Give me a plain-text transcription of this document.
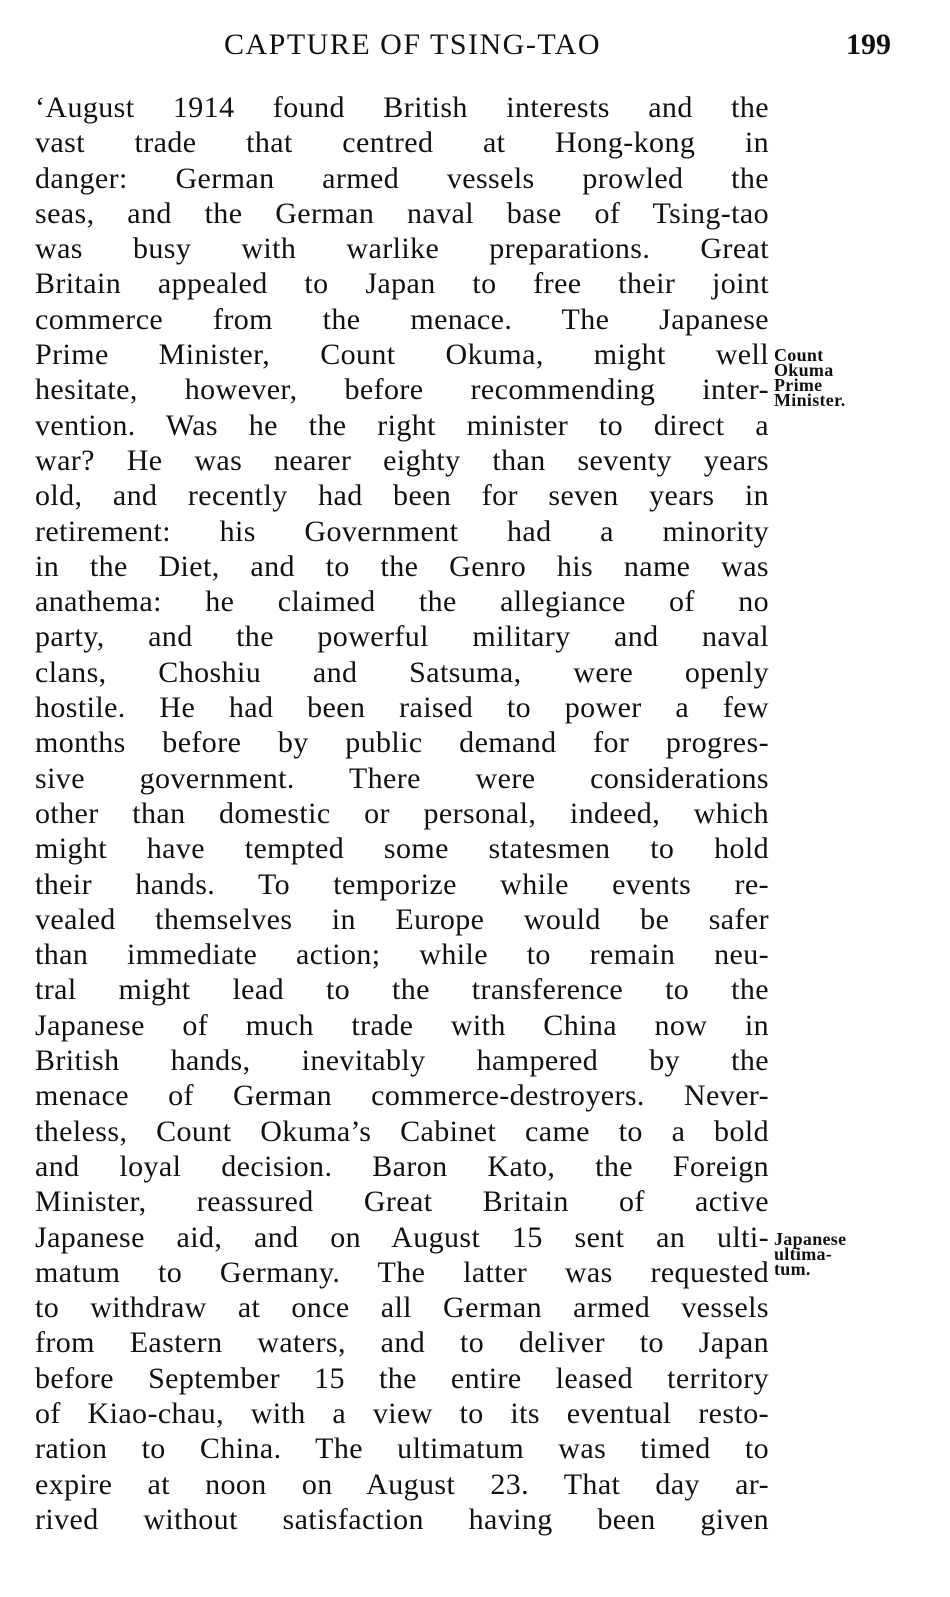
CAPTURE OF TSING-TAO	199
‘August 1914 found British interests and the
vast trade that centred at Hong-kong in
danger: German armed vessels prowled the
seas, and the German naval base of Tsing-tao
was busy with warlike preparations. Great
Britain appealed to Japan to free their joint
commerce from the menace. The Japanese
Prime Minister, Count Okuma, might well
hesitate, however, before recommending inter-
vention. Was he the right minister to direct a
war? He was nearer eighty than seventy years
old, and recently had been for seven years in
retirement: his Government had a minority
in the Diet, and to the Genro his name was
anathema: he claimed the allegiance of no
party, and the powerful military and naval
clans, Choshiu and Satsuma, were openly
hostile. He had been raised to power a few
months before by public demand for progres-
sive government. There were considerations
other than domestic or personal, indeed, which
might have tempted some statesmen to hold
their hands. To temporize while events re-
vealed themselves in Europe would be safer
than immediate action; while to remain neu-
tral might lead to the transference to the
Japanese of much trade with China now in
British hands, inevitably hampered by the
menace of German commerce-destroyers. Never-
theless, Count Okuma’s Cabinet came to a bold
and loyal decision. Baron Kato, the Foreign
Minister, reassured Great Britain of active
Japanese aid, and on August 15 sent an ulti-
matum to Germany. The latter was requested
to withdraw at once all German armed vessels
from Eastern waters, and to deliver to Japan
before September 15 the entire leased territory
of Kiao-chau, with a view to its eventual resto-
ration to China. The ultimatum was timed to
expire at noon on August 23. That day ar-
rived without satisfaction having been given
Count
Okuma
Prime
Minister.
Japanese
ultima-
tum.
